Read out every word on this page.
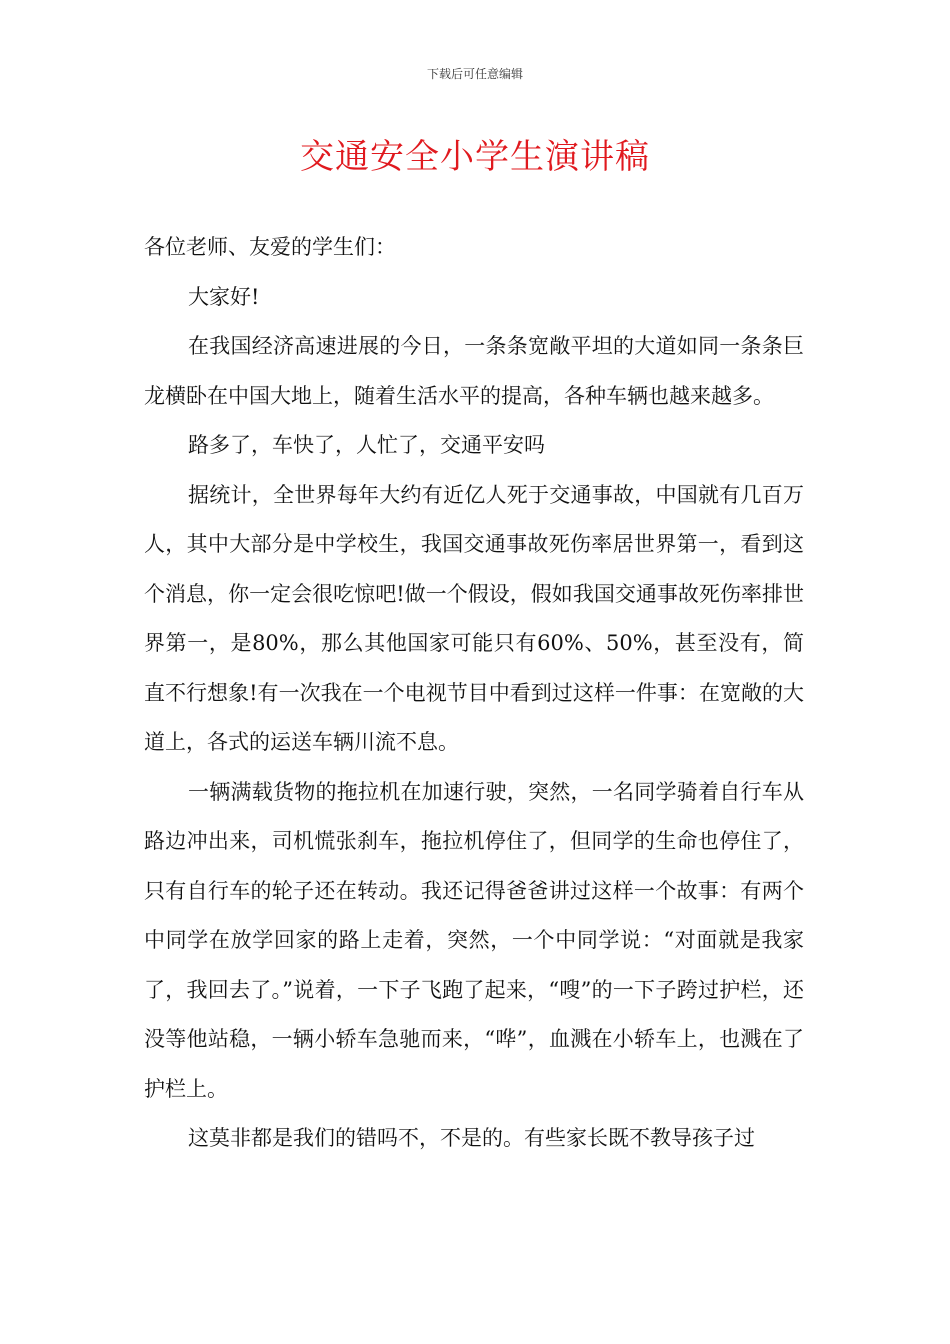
下载后可任意编辑
交通安全小学生演讲稿

各位老师、友爱的学生们：

大家好!

在我国经济高速进展的今日，一条条宽敞平坦的大道如同一条条巨龙横卧在中国大地上，随着生活水平的提高，各种车辆也越来越多。

路多了，车快了，人忙了，交通平安吗

据统计，全世界每年大约有近亿人死于交通事故，中国就有几百万人，其中大部分是中学校生，我国交通事故死伤率居世界第一，看到这个消息，你一定会很吃惊吧!做一个假设，假如我国交通事故死伤率排世界第一，是80%，那么其他国家可能只有60%、50%，甚至没有，简直不行想象!有一次我在一个电视节目中看到过这样一件事：在宽敞的大道上，各式的运送车辆川流不息。

一辆满载货物的拖拉机在加速行驶，突然，一名同学骑着自行车从路边冲出来，司机慌张刹车，拖拉机停住了，但同学的生命也停住了，只有自行车的轮子还在转动。我还记得爸爸讲过这样一个故事：有两个中同学在放学回家的路上走着，突然，一个中同学说：“对面就是我家了，我回去了。”说着，一下子飞跑了起来，“嗖”的一下子跨过护栏，还没等他站稳，一辆小轿车急驰而来，“哗”，血溅在小轿车上，也溅在了护栏上。

这莫非都是我们的错吗不，不是的。有些家长既不教导孩子过
